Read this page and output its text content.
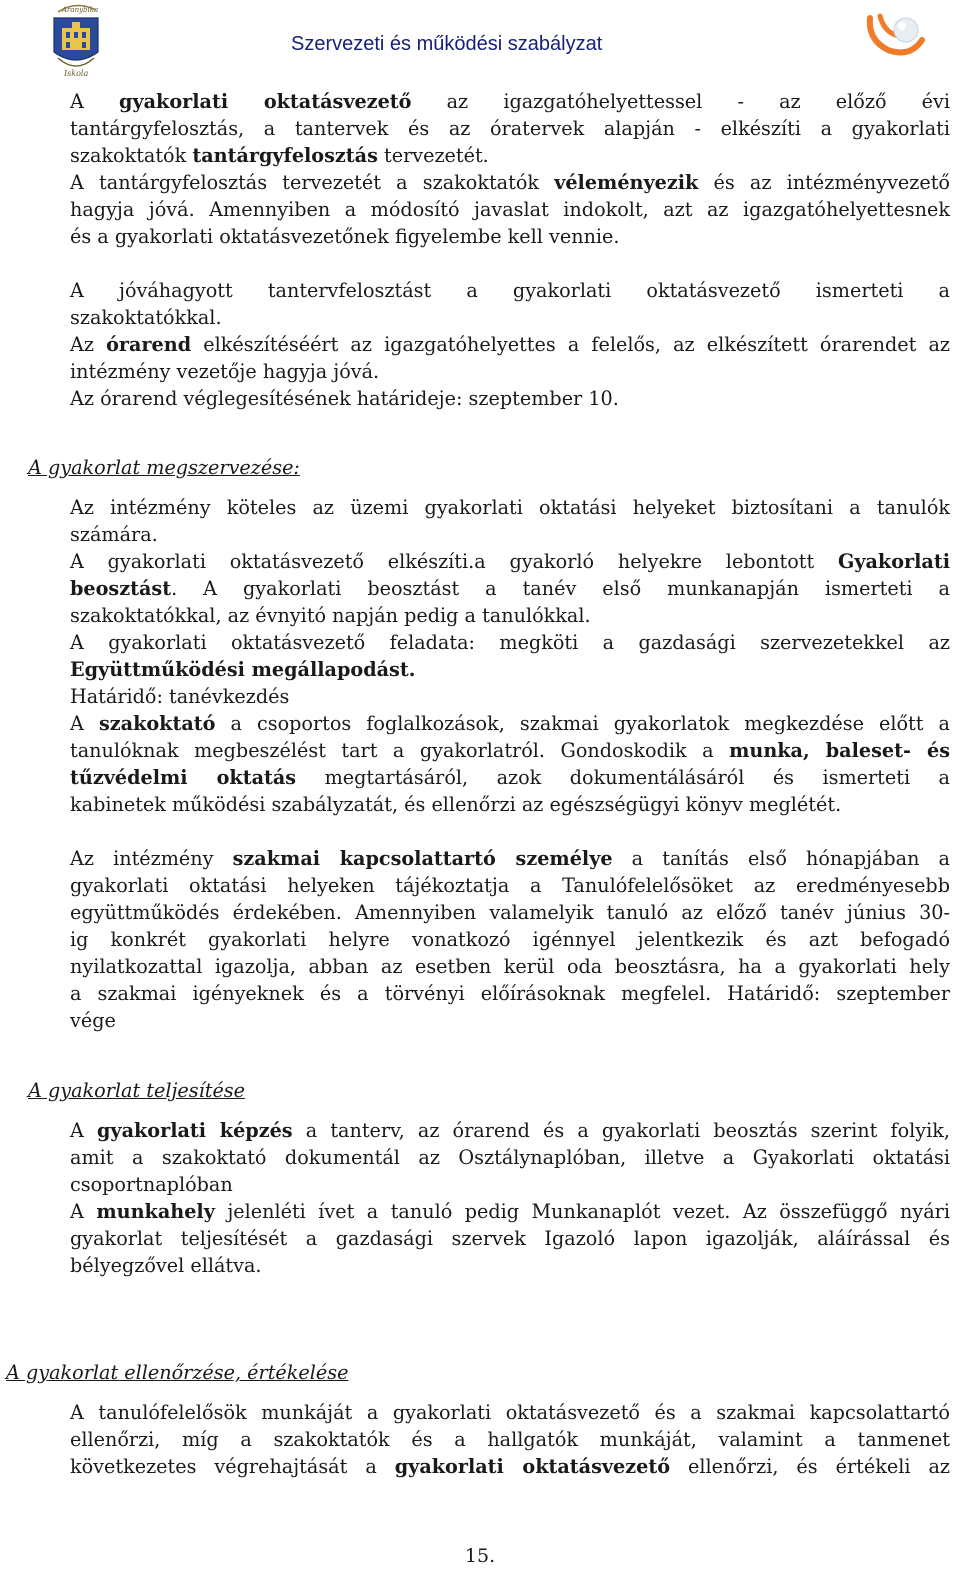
Aranybika
Iskola
Szervezeti és működési szabályzat
A gyakorlati oktatásvezető az igazgatóhelyettessel - az előző évi
tantárgyfelosztás, a tantervek és az óratervek alapján - elkészíti a gyakorlati
szakoktatók tantárgyfelosztás tervezetét.
A tantárgyfelosztás tervezetét a szakoktatók véleményezik és az intézményvezető
hagyja jóvá. Amennyiben a módosító javaslat indokolt, azt az igazgatóhelyettesnek
és a gyakorlati oktatásvezetőnek figyelembe kell vennie.
A jóváhagyott tantervfelosztást a gyakorlati oktatásvezető ismerteti a
szakoktatókkal.
Az órarend elkészítéséért az igazgatóhelyettes a felelős, az elkészített órarendet az
intézmény vezetője hagyja jóvá.
Az órarend véglegesítésének határideje: szeptember 10.
A gyakorlat megszervezése:
Az intézmény köteles az üzemi gyakorlati oktatási helyeket biztosítani a tanulók
számára.
A gyakorlati oktatásvezető elkészíti.a gyakorló helyekre lebontott Gyakorlati
beosztást. A gyakorlati beosztást a tanév első munkanapján ismerteti a
szakoktatókkal, az évnyitó napján pedig a tanulókkal.
A gyakorlati oktatásvezető feladata: megköti a gazdasági szervezetekkel az
Együttműködési megállapodást.
Határidő: tanévkezdés
A szakoktató a csoportos foglalkozások, szakmai gyakorlatok megkezdése előtt a
tanulóknak megbeszélést tart a gyakorlatról. Gondoskodik a munka, baleset- és
tűzvédelmi oktatás megtartásáról, azok dokumentálásáról és ismerteti a
kabinetek működési szabályzatát, és ellenőrzi az egészségügyi könyv meglétét.
Az intézmény szakmai kapcsolattartó személye a tanítás első hónapjában a
gyakorlati oktatási helyeken tájékoztatja a Tanulófelelősöket az eredményesebb
együttműködés érdekében. Amennyiben valamelyik tanuló az előző tanév június 30-
ig konkrét gyakorlati helyre vonatkozó igénnyel jelentkezik és azt befogadó
nyilatkozattal igazolja, abban az esetben kerül oda beosztásra, ha a gyakorlati hely
a szakmai igényeknek és a törvényi előírásoknak megfelel. Határidő: szeptember
vége
A gyakorlat teljesítése
A gyakorlati képzés a tanterv, az órarend és a gyakorlati beosztás szerint folyik,
amit a szakoktató dokumentál az Osztálynaplóban, illetve a Gyakorlati oktatási
csoportnaplóban
A munkahely jelenléti ívet a tanuló pedig Munkanaplót vezet. Az összefüggő nyári
gyakorlat teljesítését a gazdasági szervek Igazoló lapon igazolják, aláírással és
bélyegzővel ellátva.
A gyakorlat ellenőrzése, értékelése
A tanulófelelősök munkáját a gyakorlati oktatásvezető és a szakmai kapcsolattartó
ellenőrzi, míg a szakoktatók és a hallgatók munkáját, valamint a tanmenet
következetes végrehajtását a gyakorlati oktatásvezető ellenőrzi, és értékeli az
15.
